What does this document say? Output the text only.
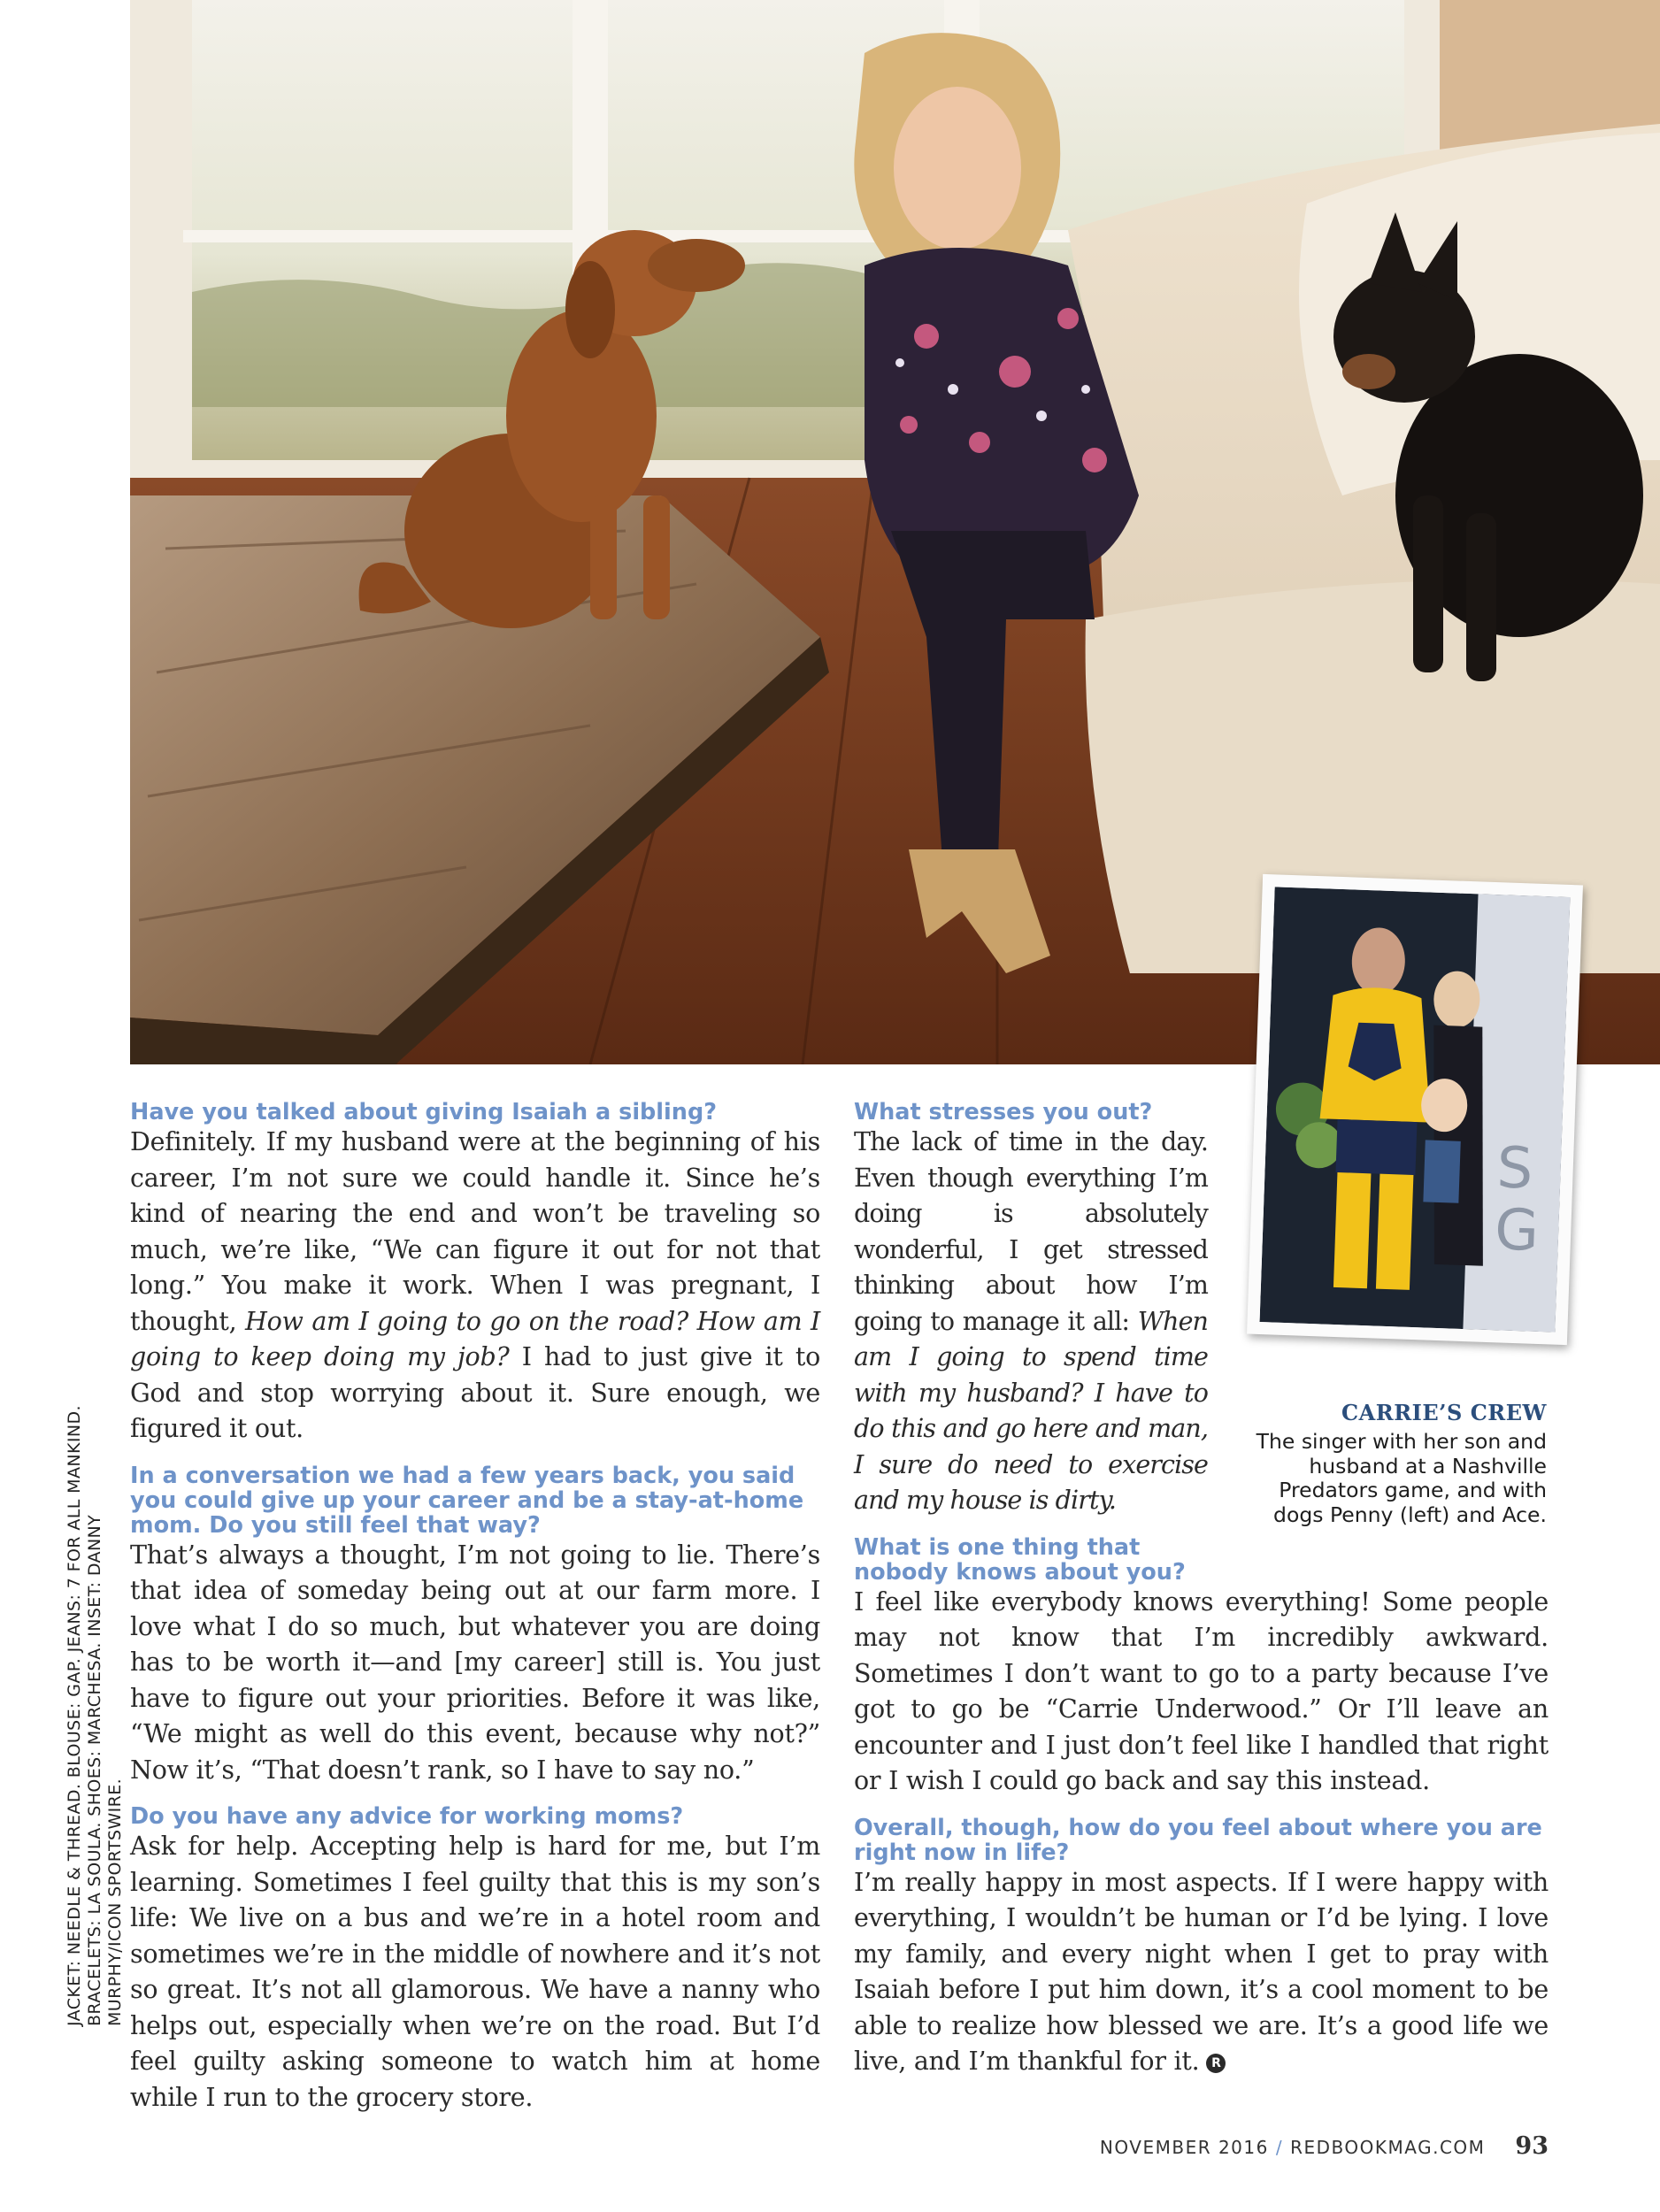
S
G
JACKET: NEEDLE & THREAD. BLOUSE: GAP. JEANS: 7 FOR ALL MANKIND. BRACELETS: LA SOULA. SHOES: MARCHESA. INSET: DANNY MURPHY/ICON SPORTSWIRE.

Have you talked about giving Isaiah a sibling?

Definitely. If my husband were at the beginning of his career, I’m not sure we could handle it. Since he’s kind of nearing the end and won’t be traveling so much, we’re like, “We can figure it out for not that long.” You make it work. When I was pregnant, I thought, How am I going to go on the road? How am I going to keep doing my job? I had to just give it to God and stop worrying about it. Sure enough, we figured it out.

In a conversation we had a few years back, you said you could give up your career and be a stay-at-home mom. Do you still feel that way?

That’s always a thought, I’m not going to lie. There’s that idea of someday being out at our farm more. I love what I do so much, but whatever you are doing has to be worth it—and [my career] still is. You just have to figure out your priorities. Before it was like, “We might as well do this event, because why not?” Now it’s, “That doesn’t rank, so I have to say no.”

Do you have any advice for working moms?

Ask for help. Accepting help is hard for me, but I’m learning. Sometimes I feel guilty that this is my son’s life: We live on a bus and we’re in a hotel room and sometimes we’re in the middle of nowhere and it’s not so great. It’s not all glamorous. We have a nanny who helps out, especially when we’re on the road. But I’d feel guilty asking someone to watch him at home while I run to the grocery store.

What stresses you out?

The lack of time in the day. Even though everything I’m doing is absolutely wonderful, I get stressed thinking about how I’m going to manage it all: When am I going to spend time with my husband? I have to do this and go here and man, I sure do need to exercise and my house is dirty.

What is one thing that nobody knows about you?

I feel like everybody knows everything! Some people may not know that I’m incredibly awkward. Sometimes I don’t want to go to a party because I’ve got to go be “Carrie Underwood.” Or I’ll leave an encounter and I just don’t feel like I handled that right or I wish I could go back and say this instead.

Overall, though, how do you feel about where you are right now in life?

I’m really happy in most aspects. If I were happy with everything, I wouldn’t be human or I’d be lying. I love my family, and every night when I get to pray with Isaiah before I put him down, it’s a cool moment to be able to realize how blessed we are. It’s a good life we live, and I’m thankful for it. R

CARRIE’S CREW
The singer with her son and husband at a Nashville Predators game, and with dogs Penny (left) and Ace.
NOVEMBER 2016 / REDBOOKMAG.COM 93
